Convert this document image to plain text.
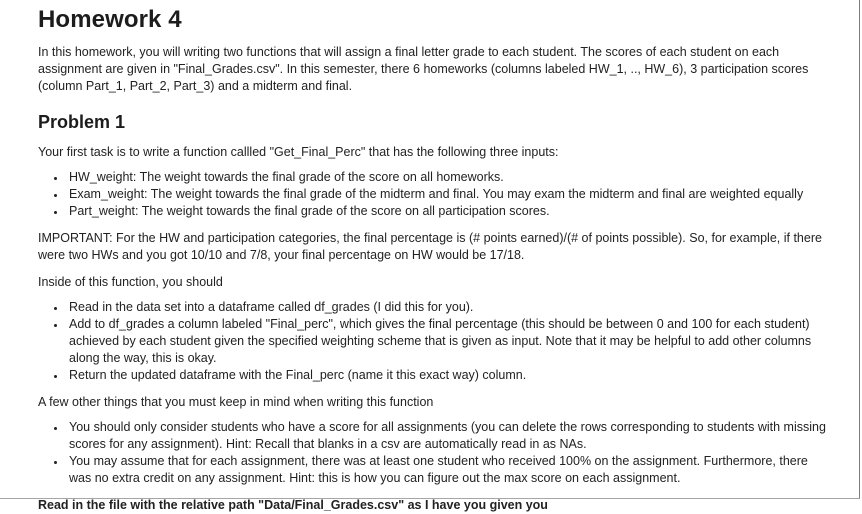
Homework 4

In this homework, you will writing two functions that will assign a final letter grade to each student. The scores of each student on each assignment are given in "Final_Grades.csv". In this semester, there 6 homeworks (columns labeled HW_1, .., HW_6), 3 participation scores (column Part_1, Part_2, Part_3) and a midterm and final.

Problem 1

Your first task is to write a function callled "Get_Final_Perc" that has the following three inputs:

• HW_weight: The weight towards the final grade of the score on all homeworks.
• Exam_weight: The weight towards the final grade of the midterm and final. You may exam the midterm and final are weighted equally
• Part_weight: The weight towards the final grade of the score on all participation scores.

IMPORTANT: For the HW and participation categories, the final percentage is (# points earned)/(# of points possible). So, for example, if there were two HWs and you got 10/10 and 7/8, your final percentage on HW would be 17/18.

Inside of this function, you should

• Read in the data set into a dataframe called df_grades (I did this for you).
• Add to df_grades a column labeled "Final_perc", which gives the final percentage (this should be between 0 and 100 for each student) achieved by each student given the specified weighting scheme that is given as input. Note that it may be helpful to add other columns along the way, this is okay.
• Return the updated dataframe with the Final_perc (name it this exact way) column.

A few other things that you must keep in mind when writing this function

• You should only consider students who have a score for all assignments (you can delete the rows corresponding to students with missing scores for any assignment). Hint: Recall that blanks in a csv are automatically read in as NAs.
• You may assume that for each assignment, there was at least one student who received 100% on the assignment. Furthermore, there was no extra credit on any assignment. Hint: this is how you can figure out the max score on each assignment.

Read in the file with the relative path "Data/Final_Grades.csv" as I have you given you
